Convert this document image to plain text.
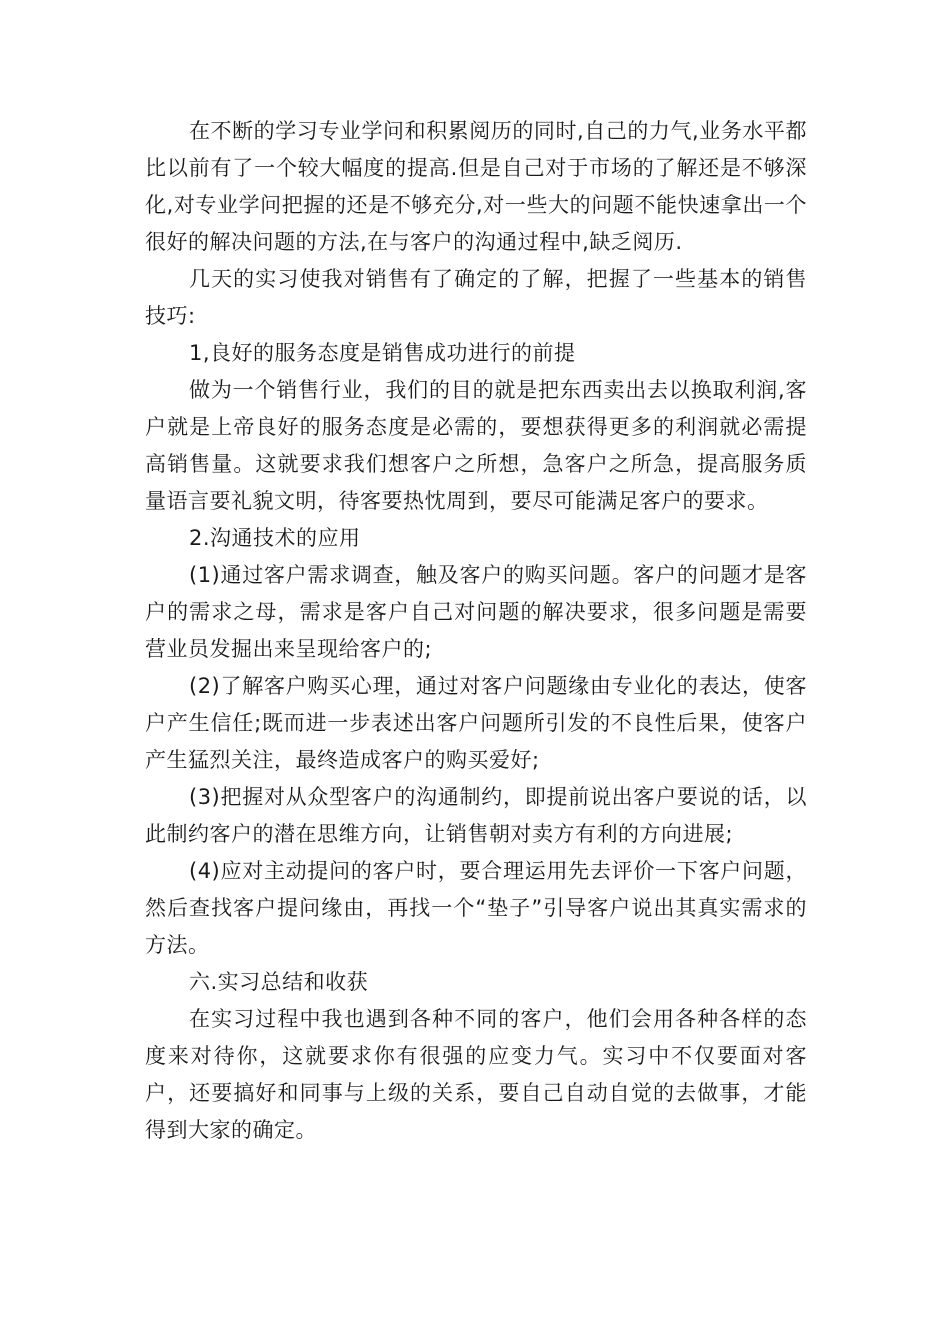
在不断的学习专业学问和积累阅历的同时,自己的力气,业务水平都比以前有了一个较大幅度的提高.但是自己对于市场的了解还是不够深化,对专业学问把握的还是不够充分,对一些大的问题不能快速拿出一个很好的解决问题的方法,在与客户的沟通过程中,缺乏阅历.

几天的实习使我对销售有了确定的了解，把握了一些基本的销售技巧:

1,良好的服务态度是销售成功进行的前提

做为一个销售行业，我们的目的就是把东西卖出去以换取利润,客户就是上帝良好的服务态度是必需的，要想获得更多的利润就必需提高销售量。这就要求我们想客户之所想，急客户之所急，提高服务质量语言要礼貌文明，待客要热忱周到，要尽可能满足客户的要求。

2.沟通技术的应用

(1)通过客户需求调查，触及客户的购买问题。客户的问题才是客户的需求之母，需求是客户自己对问题的解决要求，很多问题是需要营业员发掘出来呈现给客户的;

(2)了解客户购买心理，通过对客户问题缘由专业化的表达，使客户产生信任;既而进一步表述出客户问题所引发的不良性后果，使客户产生猛烈关注，最终造成客户的购买爱好;

(3)把握对从众型客户的沟通制约，即提前说出客户要说的话，以此制约客户的潜在思维方向，让销售朝对卖方有利的方向进展;

(4)应对主动提问的客户时，要合理运用先去评价一下客户问题，然后查找客户提问缘由，再找一个“垫子”引导客户说出其真实需求的方法。

六.实习总结和收获

在实习过程中我也遇到各种不同的客户，他们会用各种各样的态度来对待你，这就要求你有很强的应变力气。实习中不仅要面对客户，还要搞好和同事与上级的关系，要自己自动自觉的去做事，才能得到大家的确定。
